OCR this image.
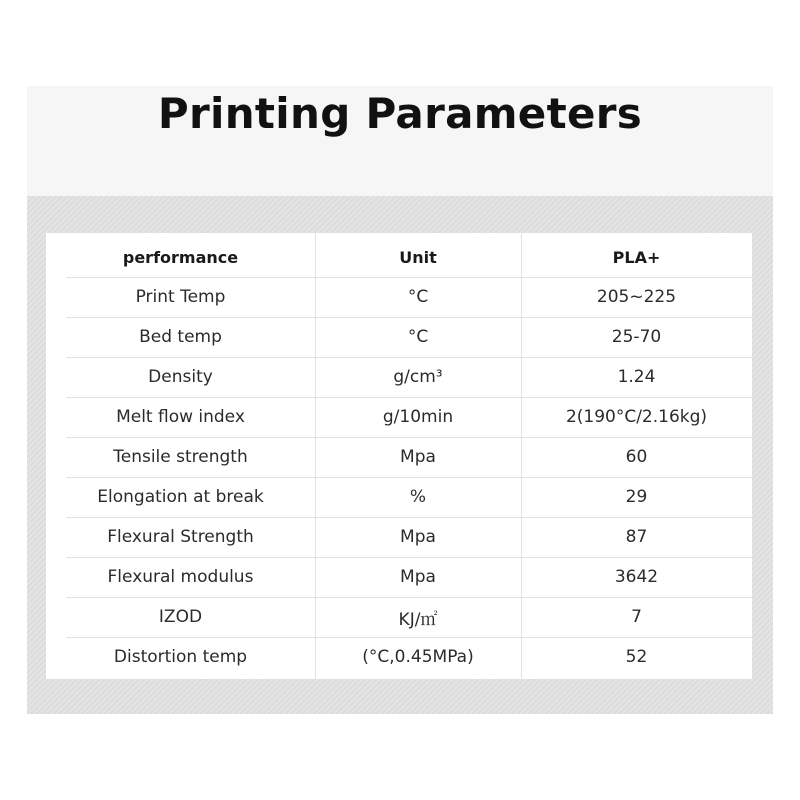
Printing Parameters
performance	Unit	PLA+
Print Temp	°C	205~225
Bed temp	°C	25-70
Density	g/cm³	1.24
Melt flow index	g/10min	2(190°C/2.16kg)
Tensile strength	Mpa	60
Elongation at break	%	29
Flexural Strength	Mpa	87
Flexural modulus	Mpa	3642
IZOD	KJ/㎡	7
Distortion temp	(°C,0.45MPa)	52
